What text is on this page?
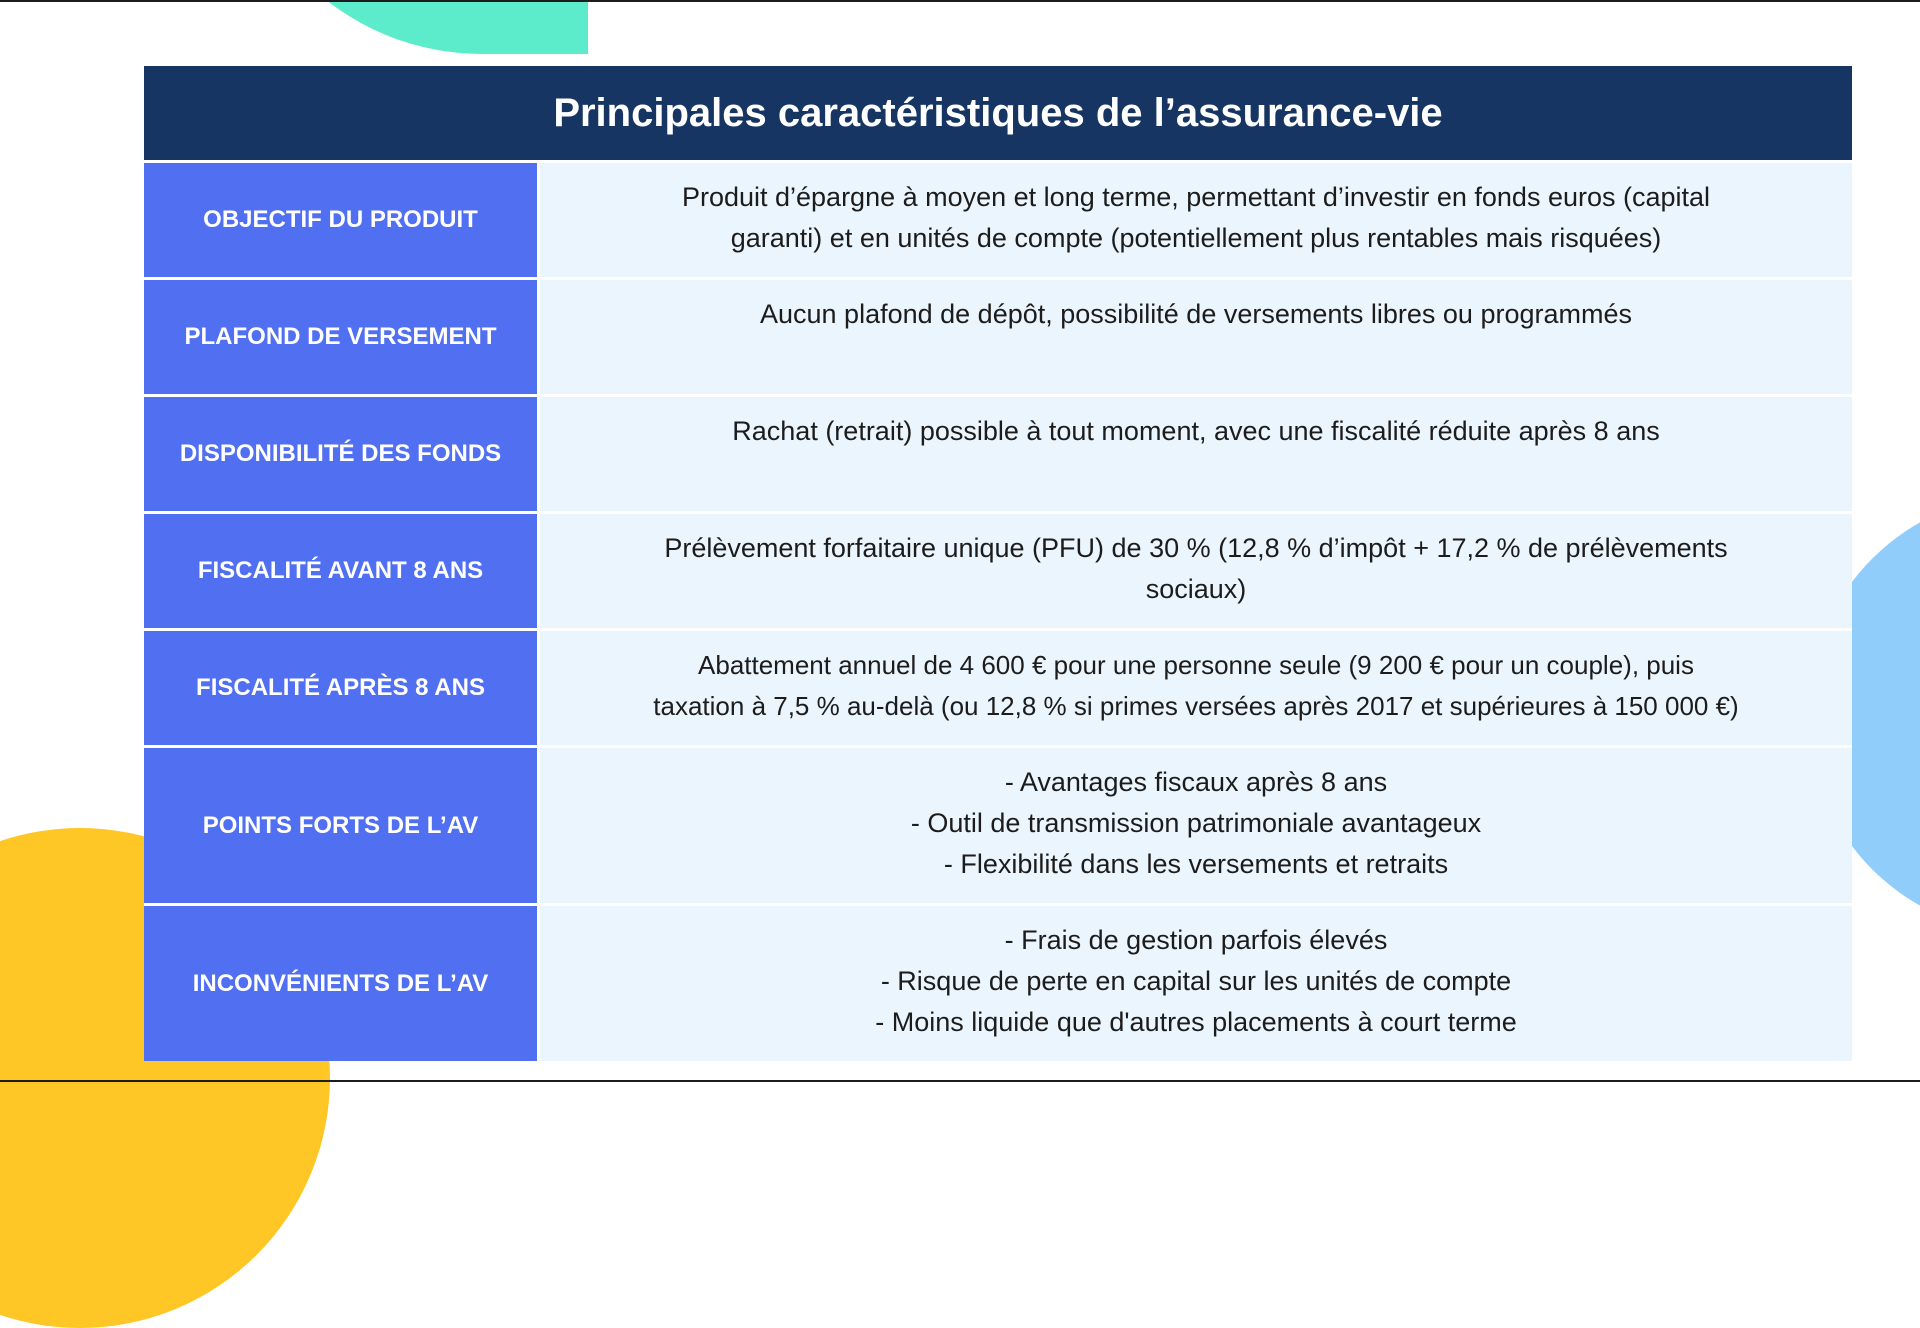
Principales caractéristiques de l’assurance-vie
OBJECTIF DU PRODUIT
Produit d’épargne à moyen et long terme, permettant d’investir en fonds euros (capital
garanti) et en unités de compte (potentiellement plus rentables mais risquées)
PLAFOND DE VERSEMENT
Aucun plafond de dépôt, possibilité de versements libres ou programmés
DISPONIBILITÉ DES FONDS
Rachat (retrait) possible à tout moment, avec une fiscalité réduite après 8 ans
FISCALITÉ AVANT 8 ANS
Prélèvement forfaitaire unique (PFU) de 30 % (12,8 % d’impôt + 17,2 % de prélèvements
sociaux)
FISCALITÉ APRÈS 8 ANS
Abattement annuel de 4 600 € pour une personne seule (9 200 € pour un couple), puis
taxation à 7,5 % au-delà (ou 12,8 % si primes versées après 2017 et supérieures à 150 000 €)
POINTS FORTS DE L’AV
- Avantages fiscaux après 8 ans
- Outil de transmission patrimoniale avantageux
- Flexibilité dans les versements et retraits
INCONVÉNIENTS DE L’AV
- Frais de gestion parfois élevés
- Risque de perte en capital sur les unités de compte
- Moins liquide que d'autres placements à court terme
